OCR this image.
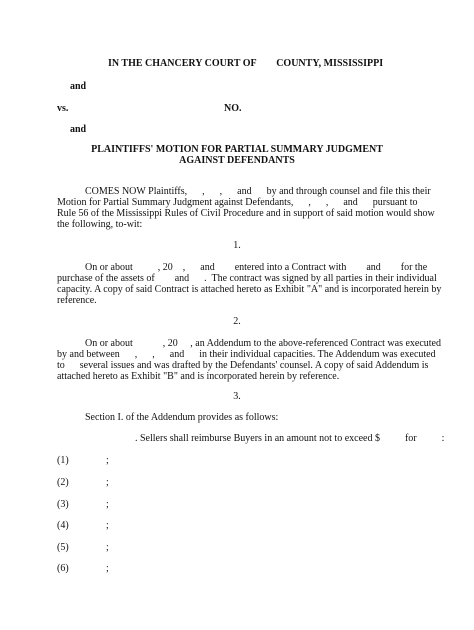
IN THE CHANCERY COURT OF        COUNTY, MISSISSIPPI
and
vs.	NO.
and
PLAINTIFFS' MOTION FOR PARTIAL SUMMARY JUDGMENT
AGAINST DEFENDANTS
COMES NOW Plaintiffs,      ,      ,      and      by and through counsel and file this their
Motion for Partial Summary Judgment against Defendants,      ,      ,      and      pursuant to
Rule 56 of the Mississippi Rules of Civil Procedure and in support of said motion would show
the following, to-wit:
1.
On or about          , 20    ,      and        entered into a Contract with        and        for the
purchase of the assets of        and      .  The contract was signed by all parties in their individual
capacity. A copy of said Contract is attached hereto as Exhibit "A" and is incorporated herein by
reference.
2.
On or about            , 20     , an Addendum to the above-referenced Contract was executed
by and between      ,      ,      and      in their individual capacities. The Addendum was executed
to      several issues and was drafted by the Defendants' counsel. A copy of said Addendum is
attached hereto as Exhibit "B" and is incorporated herein by reference.
3.
Section I. of the Addendum provides as follows:
. Sellers shall reimburse Buyers in an amount not to exceed $          for          :
(1)	;
(2)	;
(3)	;
(4)	;
(5)	;
(6)	;
